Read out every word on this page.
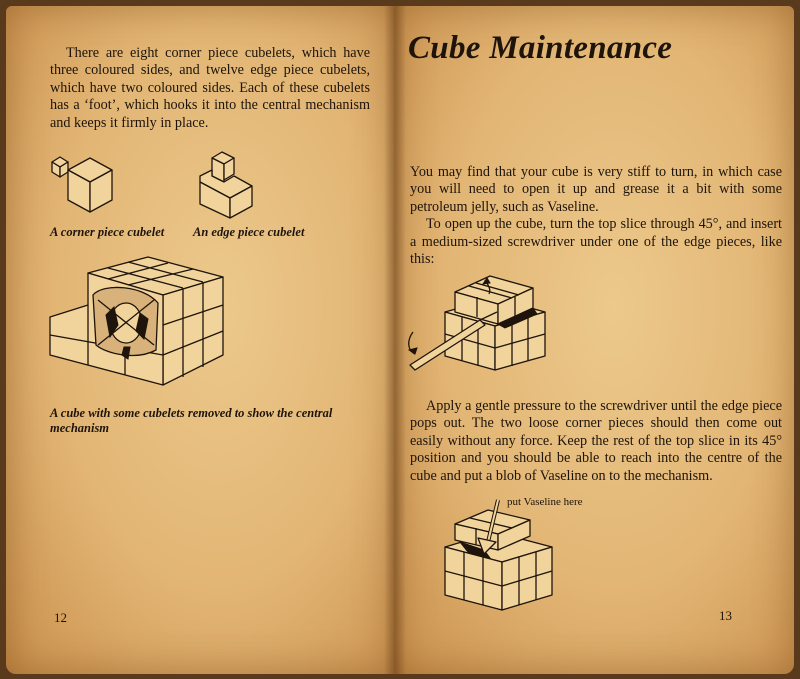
There are eight corner piece cubelets, which have three coloured sides, and twelve edge piece cubelets, which have two coloured sides. Each of these cubelets has a ‘foot’, which hooks it into the central mechanism and keeps it firmly in place.

A corner piece cubelet	An edge piece cubelet
A cube with some cubelets removed to show the central mechanism
12
Cube Maintenance

You may find that your cube is very stiff to turn, in which case you will need to open it up and grease it a bit with some petroleum jelly, such as Vaseline.

To open up the cube, turn the top slice through 45°, and insert a medium-sized screwdriver under one of the edge pieces, like this:

Apply a gentle pressure to the screwdriver until the edge piece pops out. The two loose corner pieces should then come out easily without any force. Keep the rest of the top slice in its 45° position and you should be able to reach into the centre of the cube and put a blob of Vaseline on to the mechanism.

put Vaseline here
13
